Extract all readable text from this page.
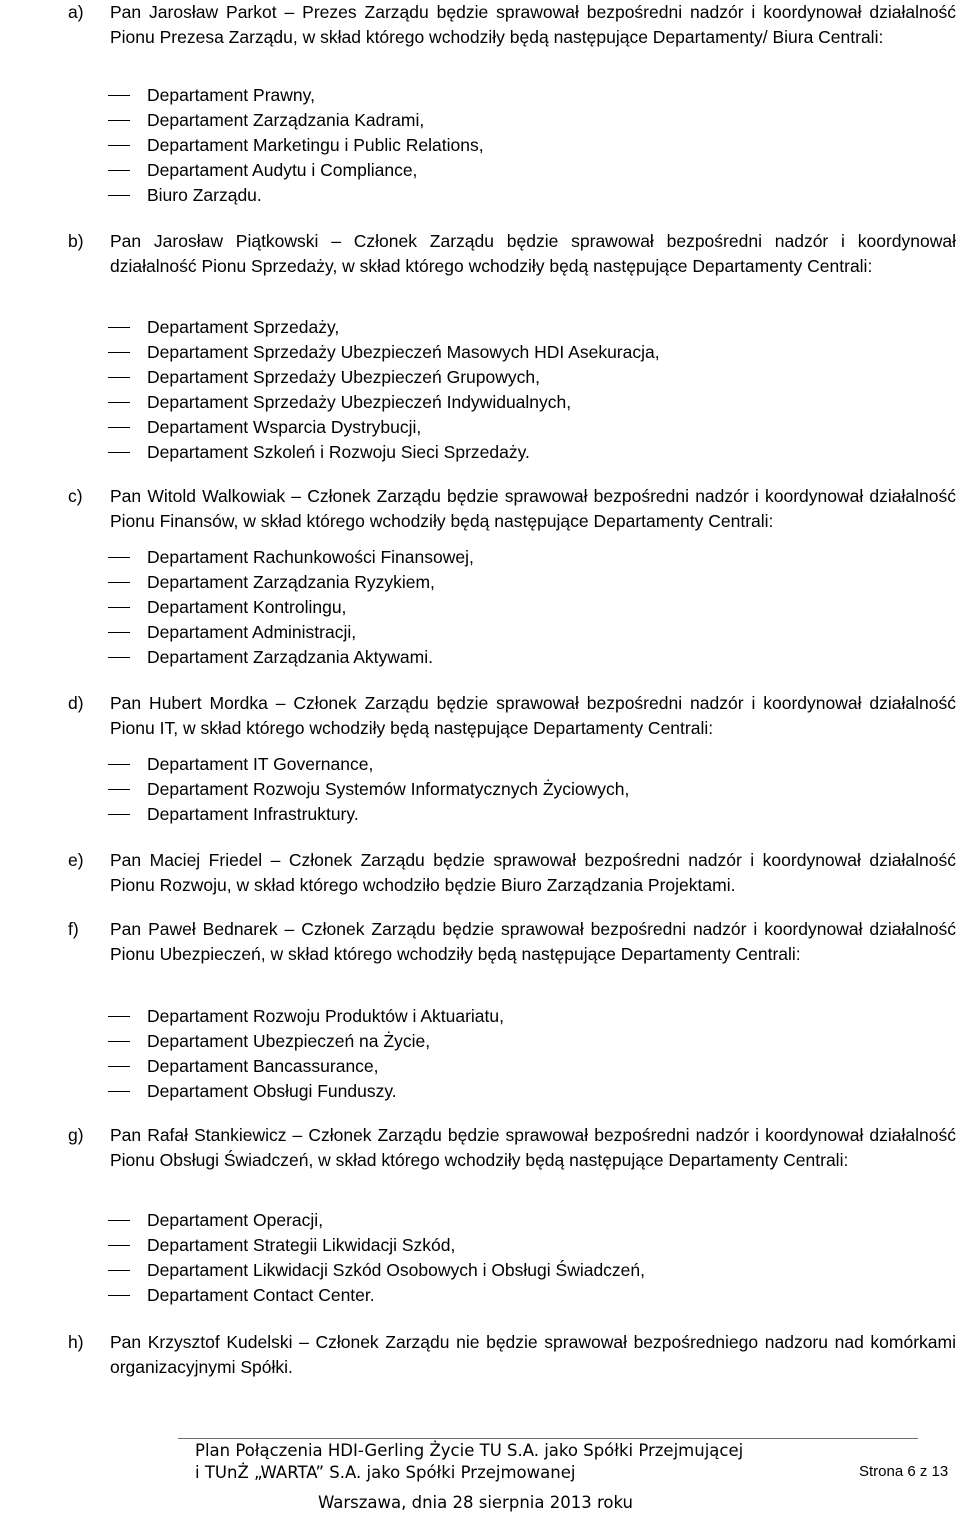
a) Pan Jarosław Parkot – Prezes Zarządu będzie sprawował bezpośredni nadzór i koordynował działalność Pionu Prezesa Zarządu, w skład którego wchodziły będą następujące Departamenty/ Biura Centrali:
Departament Prawny,
Departament Zarządzania Kadrami,
Departament Marketingu i Public Relations,
Departament Audytu i Compliance,
Biuro Zarządu.
b) Pan Jarosław Piątkowski – Członek Zarządu będzie sprawował bezpośredni nadzór i koordynował działalność Pionu Sprzedaży, w skład którego wchodziły będą następujące Departamenty Centrali:
Departament Sprzedaży,
Departament Sprzedaży Ubezpieczeń Masowych HDI Asekuracja,
Departament Sprzedaży Ubezpieczeń Grupowych,
Departament Sprzedaży Ubezpieczeń Indywidualnych,
Departament Wsparcia Dystrybucji,
Departament Szkoleń i Rozwoju Sieci Sprzedaży.
c) Pan Witold Walkowiak – Członek Zarządu będzie sprawował bezpośredni nadzór i koordynował działalność Pionu Finansów, w skład którego wchodziły będą następujące Departamenty Centrali:
Departament Rachunkowości Finansowej,
Departament Zarządzania Ryzykiem,
Departament Kontrolingu,
Departament Administracji,
Departament Zarządzania Aktywami.
d) Pan Hubert Mordka – Członek Zarządu będzie sprawował bezpośredni nadzór i koordynował działalność Pionu IT, w skład którego wchodziły będą następujące Departamenty Centrali:
Departament IT Governance,
Departament Rozwoju Systemów Informatycznych Życiowych,
Departament Infrastruktury.
e) Pan Maciej Friedel – Członek Zarządu będzie sprawował bezpośredni nadzór i koordynował działalność Pionu Rozwoju, w skład którego wchodziło będzie Biuro Zarządzania Projektami.
f) Pan Paweł Bednarek – Członek Zarządu będzie sprawował bezpośredni nadzór i koordynował działalność Pionu Ubezpieczeń, w skład którego wchodziły będą następujące Departamenty Centrali:
Departament Rozwoju Produktów i Aktuariatu,
Departament Ubezpieczeń na Życie,
Departament Bancassurance,
Departament Obsługi Funduszy.
g) Pan Rafał Stankiewicz – Członek Zarządu będzie sprawował bezpośredni nadzór i koordynował działalność Pionu Obsługi Świadczeń, w skład którego wchodziły będą następujące Departamenty Centrali:
Departament Operacji,
Departament Strategii Likwidacji Szkód,
Departament Likwidacji Szkód Osobowych i Obsługi Świadczeń,
Departament Contact Center.
h) Pan Krzysztof Kudelski – Członek Zarządu nie będzie sprawował bezpośredniego nadzoru nad komórkami organizacyjnymi Spółki.
Plan Połączenia HDI-Gerling Życie TU S.A. jako Spółki Przejmującej
i TUnŻ „WARTA” S.A. jako Spółki Przejmowanej	Strona 6 z 13
Warszawa, dnia 28 sierpnia 2013 roku
